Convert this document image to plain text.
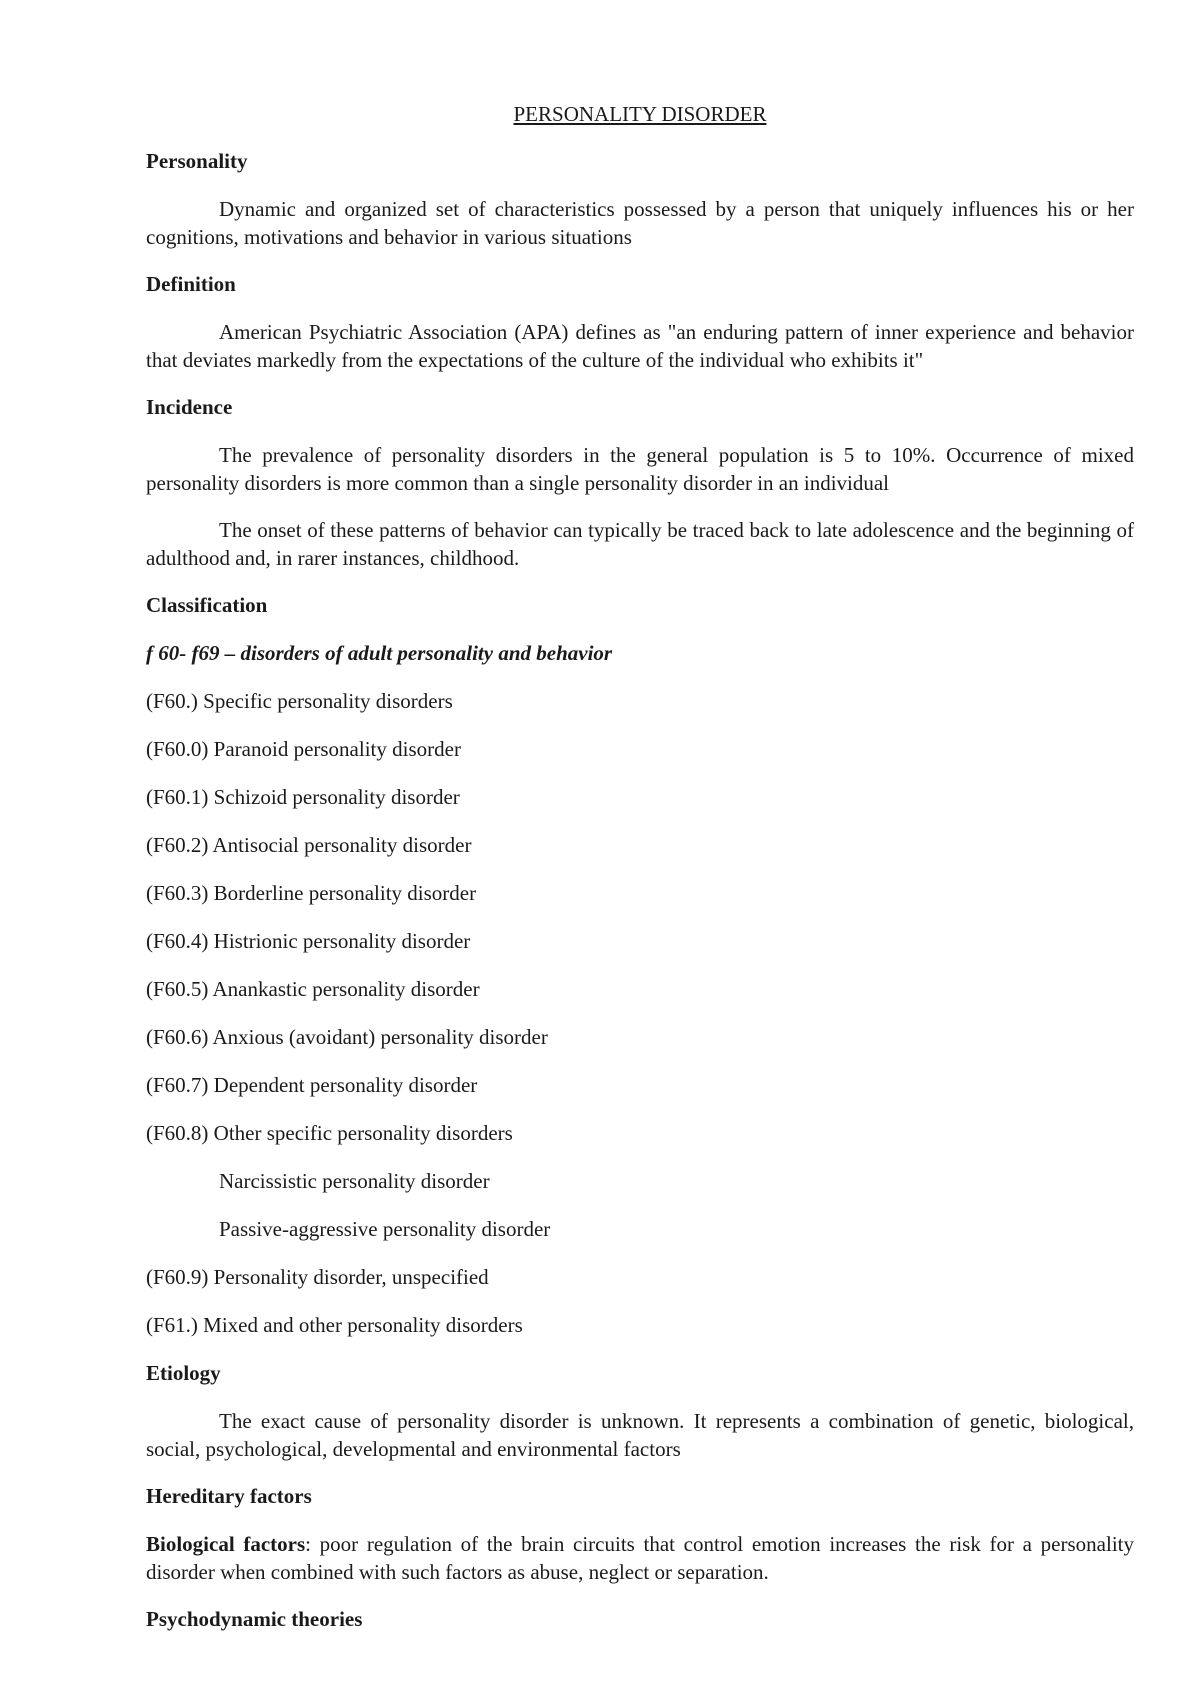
PERSONALITY DISORDER
Personality
Dynamic and organized set of characteristics possessed by a person that uniquely influences his or her cognitions, motivations and behavior in various situations
Definition
American Psychiatric Association (APA) defines as "an enduring pattern of inner experience and behavior that deviates markedly from the expectations of the culture of the individual who exhibits it"
Incidence
The prevalence of personality disorders in the general population is 5 to 10%. Occurrence of mixed personality disorders is more common than a single personality disorder in an individual
The onset of these patterns of behavior can typically be traced back to late adolescence and the beginning of adulthood and, in rarer instances, childhood.
Classification
f 60- f69 – disorders of adult personality and behavior
(F60.) Specific personality disorders
(F60.0) Paranoid personality disorder
(F60.1) Schizoid personality disorder
(F60.2) Antisocial personality disorder
(F60.3) Borderline personality disorder
(F60.4) Histrionic personality disorder
(F60.5) Anankastic personality disorder
(F60.6) Anxious (avoidant) personality disorder
(F60.7) Dependent personality disorder
(F60.8) Other specific personality disorders
Narcissistic personality disorder
Passive-aggressive personality disorder
(F60.9) Personality disorder, unspecified
(F61.) Mixed and other personality disorders
Etiology
The exact cause of personality disorder is unknown. It represents a combination of genetic, biological, social, psychological, developmental and environmental factors
Hereditary factors
Biological factors: poor regulation of the brain circuits that control emotion increases the risk for a personality disorder when combined with such factors as abuse, neglect or separation.
Psychodynamic theories
